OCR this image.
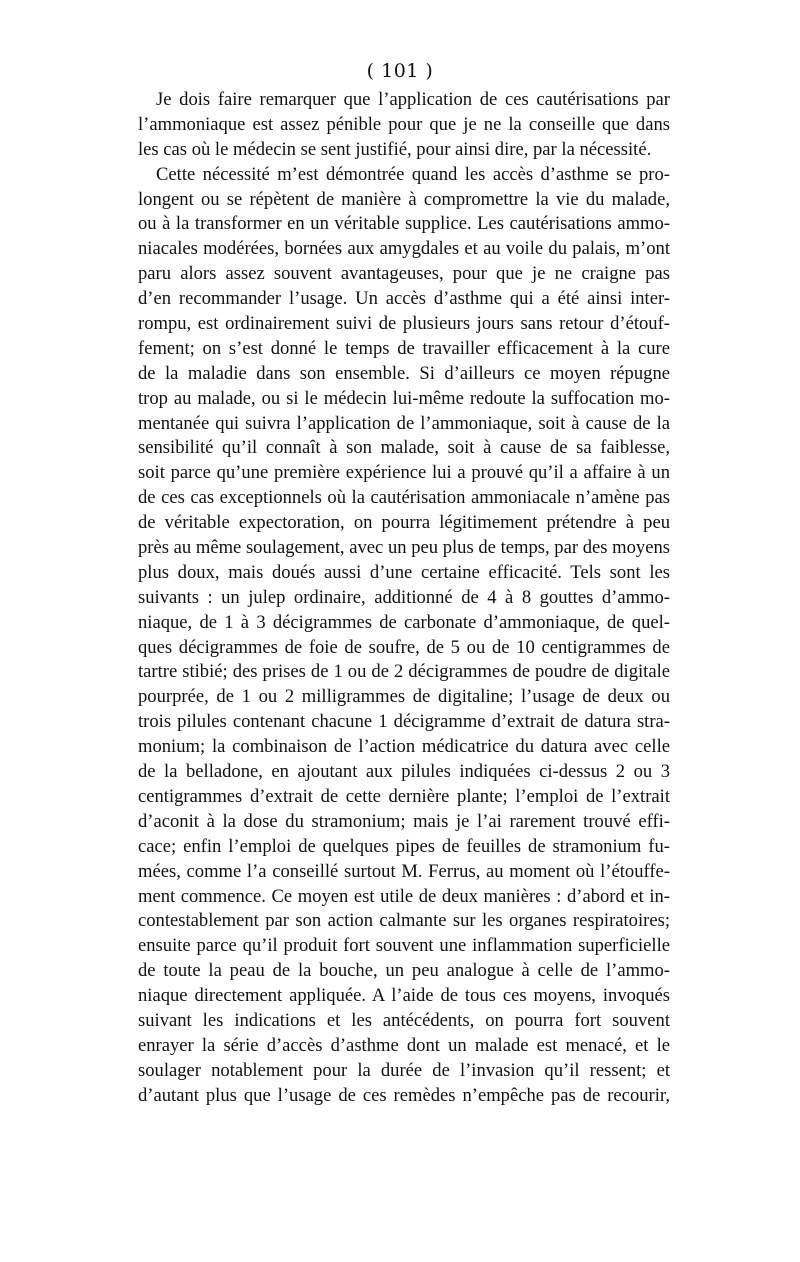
( 101 )
Je dois faire remarquer que l’application de ces cautérisations par
l’ammoniaque est assez pénible pour que je ne la conseille que dans
les cas où le médecin se sent justifié, pour ainsi dire, par la nécessité.
Cette nécessité m’est démontrée quand les accès d’asthme se pro-
longent ou se répètent de manière à compromettre la vie du malade,
ou à la transformer en un véritable supplice. Les cautérisations ammo-
niacales modérées, bornées aux amygdales et au voile du palais, m’ont
paru alors assez souvent avantageuses, pour que je ne craigne pas
d’en recommander l’usage. Un accès d’asthme qui a été ainsi inter-
rompu, est ordinairement suivi de plusieurs jours sans retour d’étouf-
fement; on s’est donné le temps de travailler efficacement à la cure
de la maladie dans son ensemble. Si d’ailleurs ce moyen répugne
trop au malade, ou si le médecin lui-même redoute la suffocation mo-
mentanée qui suivra l’application de l’ammoniaque, soit à cause de la
sensibilité qu’il connaît à son malade, soit à cause de sa faiblesse,
soit parce qu’une première expérience lui a prouvé qu’il a affaire à un
de ces cas exceptionnels où la cautérisation ammoniacale n’amène pas
de véritable expectoration, on pourra légitimement prétendre à peu
près au même soulagement, avec un peu plus de temps, par des moyens
plus doux, mais doués aussi d’une certaine efficacité. Tels sont les
suivants : un julep ordinaire, additionné de 4 à 8 gouttes d’ammo-
niaque, de 1 à 3 décigrammes de carbonate d’ammoniaque, de quel-
ques décigrammes de foie de soufre, de 5 ou de 10 centigrammes de
tartre stibié; des prises de 1 ou de 2 décigrammes de poudre de digitale
pourprée, de 1 ou 2 milligrammes de digitaline; l’usage de deux ou
trois pilules contenant chacune 1 décigramme d’extrait de datura stra-
monium; la combinaison de l’action médicatrice du datura avec celle
de la belladone, en ajoutant aux pilules indiquées ci-dessus 2 ou 3
centigrammes d’extrait de cette dernière plante; l’emploi de l’extrait
d’aconit à la dose du stramonium; mais je l’ai rarement trouvé effi-
cace; enfin l’emploi de quelques pipes de feuilles de stramonium fu-
mées, comme l’a conseillé surtout M. Ferrus, au moment où l’étouffe-
ment commence. Ce moyen est utile de deux manières : d’abord et in-
contestablement par son action calmante sur les organes respiratoires;
ensuite parce qu’il produit fort souvent une inflammation superficielle
de toute la peau de la bouche, un peu analogue à celle de l’ammo-
niaque directement appliquée. A l’aide de tous ces moyens, invoqués
suivant les indications et les antécédents, on pourra fort souvent
enrayer la série d’accès d’asthme dont un malade est menacé, et le
soulager notablement pour la durée de l’invasion qu’il ressent; et
d’autant plus que l’usage de ces remèdes n’empêche pas de recourir,
